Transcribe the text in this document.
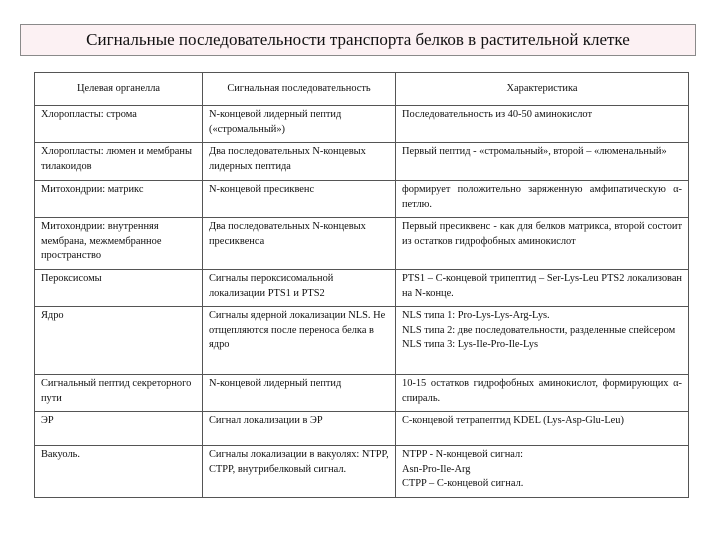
Сигнальные последовательности транспорта белков в растительной клетке
Целевая органелла	Сигнальная последовательность	Характеристика
Хлоропласты: строма	N-концевой лидерный пептид («стромальный»)	Последовательность из 40-50 аминокислот
Хлоропласты: люмен и мембраны тилакоидов	Два последовательных N-концевых лидерных пептида	Первый пептид - «стромальный», второй – «люменальный»
Митохондрии: матрикс	N-концевой пресиквенс	формирует положительно заряженную амфипатическую α-петлю.
Митохондрии: внутренняя мембрана, межмембранное пространство	Два последовательных N-концевых пресиквенса	Первый пресиквенс - как для белков матрикса, второй состоит из остатков гидрофобных аминокислот
Пероксисомы	Сигналы пероксисомальной локализации PTS1 и PTS2	PTS1 – С-концевой трипептид – Ser-Lys-Leu PTS2 локализован на N-конце.
Ядро	Сигналы ядерной локализации NLS. Не отщепляются после переноса белка в ядро	NLS типа 1: Pro-Lys-Lys-Arg-Lys.
NLS типа 2: две последовательности, разделенные спейсером
NLS типа 3: Lys-Ile-Pro-Ile-Lys

Сигнальный пептид секреторного пути	N-концевой лидерный пептид	10-15 остатков гидрофобных аминокислот, формирующих α-спираль.
ЭР	Сигнал локализации в ЭР	С-концевой тетрапептид KDEL (Lys-Asp-Glu-Leu)
Вакуоль.	Сигналы локализации в вакуолях: NTPP, CTPP, внутрибелковый сигнал.	NTPP - N-концевой сигнал:
Asn-Pro-Ile-Arg
CTPP – C-концевой сигнал.
